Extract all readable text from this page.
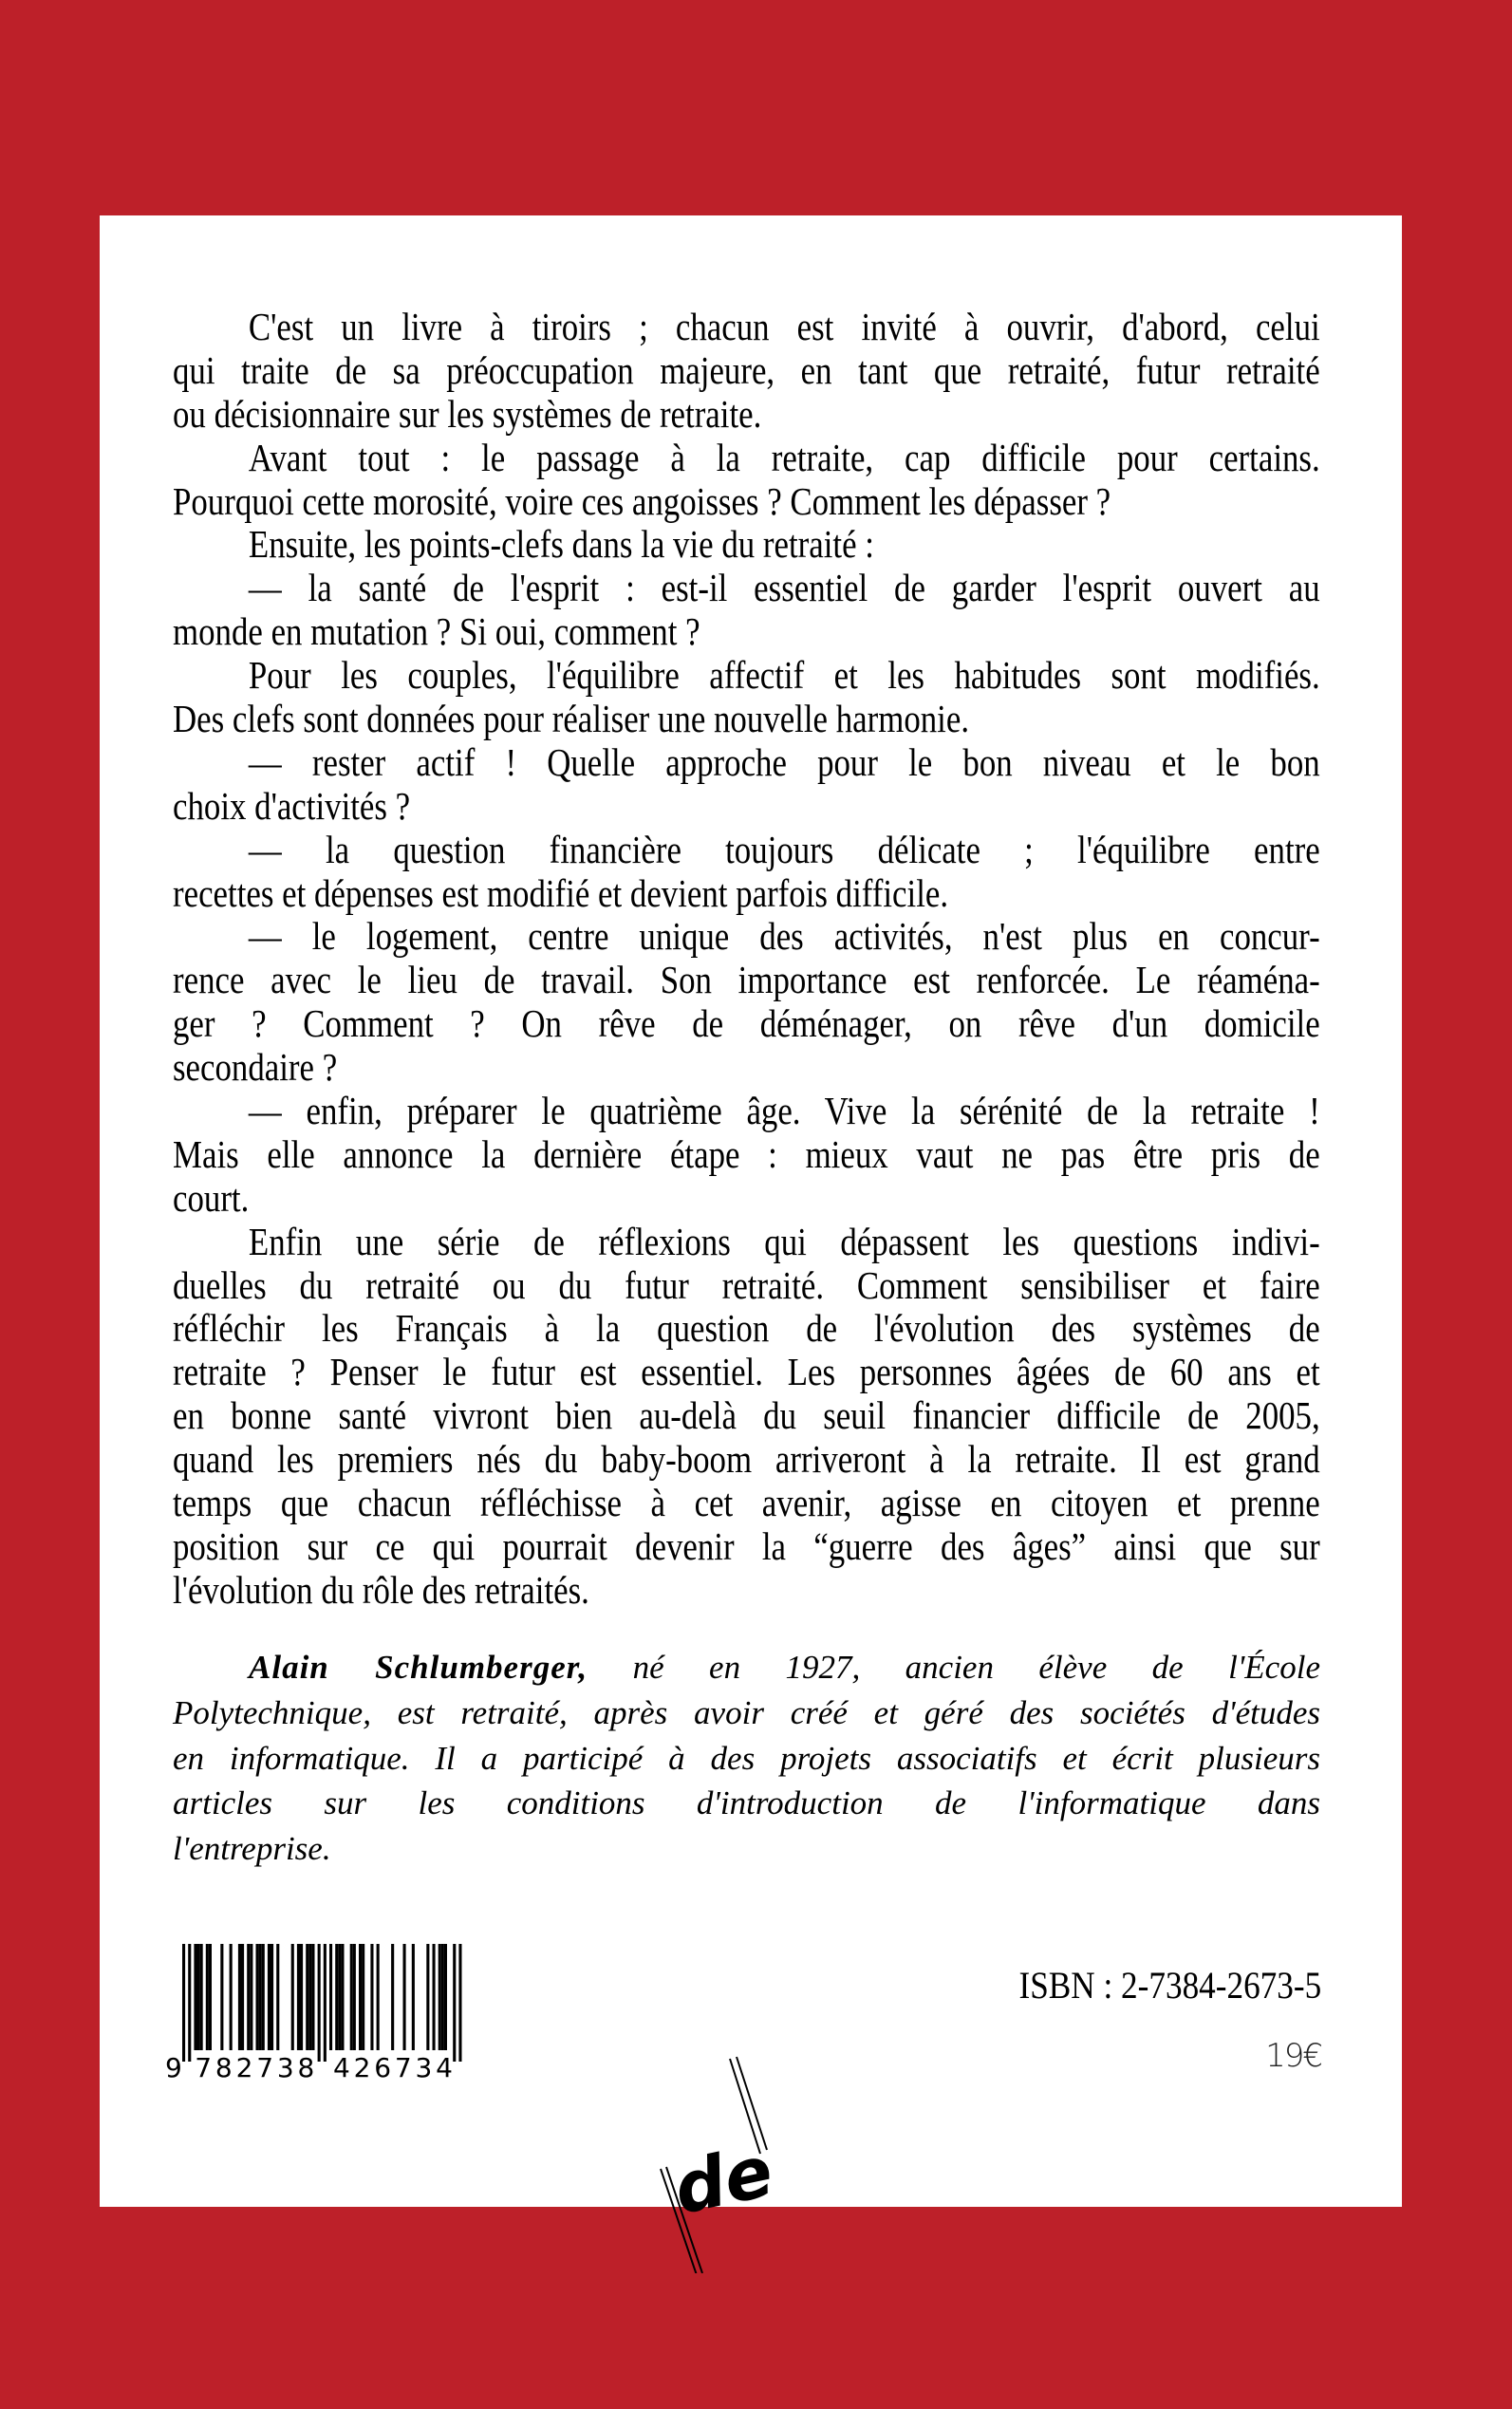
C'est un livre à tiroirs ; chacun est invité à ouvrir, d'abord, celui
qui traite de sa préoccupation majeure, en tant que retraité, futur retraité
ou décisionnaire sur les systèmes de retraite.
Avant tout : le passage à la retraite, cap difficile pour certains.
Pourquoi cette morosité, voire ces angoisses ? Comment les dépasser ?
Ensuite, les points-clefs dans la vie du retraité :
— la santé de l'esprit : est-il essentiel de garder l'esprit ouvert au
monde en mutation ? Si oui, comment ?
Pour les couples, l'équilibre affectif et les habitudes sont modifiés.
Des clefs sont données pour réaliser une nouvelle harmonie.
— rester actif ! Quelle approche pour le bon niveau et le bon
choix d'activités ?
— la question financière toujours délicate ; l'équilibre entre
recettes et dépenses est modifié et devient parfois difficile.
— le logement, centre unique des activités, n'est plus en concur-
rence avec le lieu de travail. Son importance est renforcée. Le réaména-
ger ? Comment ? On rêve de déménager, on rêve d'un domicile
secondaire ?
— enfin, préparer le quatrième âge. Vive la sérénité de la retraite !
Mais elle annonce la dernière étape : mieux vaut ne pas être pris de
court.
Enfin une série de réflexions qui dépassent les questions indivi-
duelles du retraité ou du futur retraité. Comment sensibiliser et faire
réfléchir les Français à la question de l'évolution des systèmes de
retraite ? Penser le futur est essentiel. Les personnes âgées de 60 ans et
en bonne santé vivront bien au-delà du seuil financier difficile de 2005,
quand les premiers nés du baby-boom arriveront à la retraite. Il est grand
temps que chacun réfléchisse à cet avenir, agisse en citoyen et prenne
position sur ce qui pourrait devenir la “guerre des âges” ainsi que sur
l'évolution du rôle des retraités.
Alain Schlumberger, né en 1927, ancien élève de l'École
Polytechnique, est retraité, après avoir créé et géré des sociétés d'études
en informatique. Il a participé à des projets associatifs et écrit plusieurs
articles sur les conditions d'introduction de l'informatique dans
l'entreprise.
9 782738 426734
ISBN : 2-7384-2673-5
19€
de
